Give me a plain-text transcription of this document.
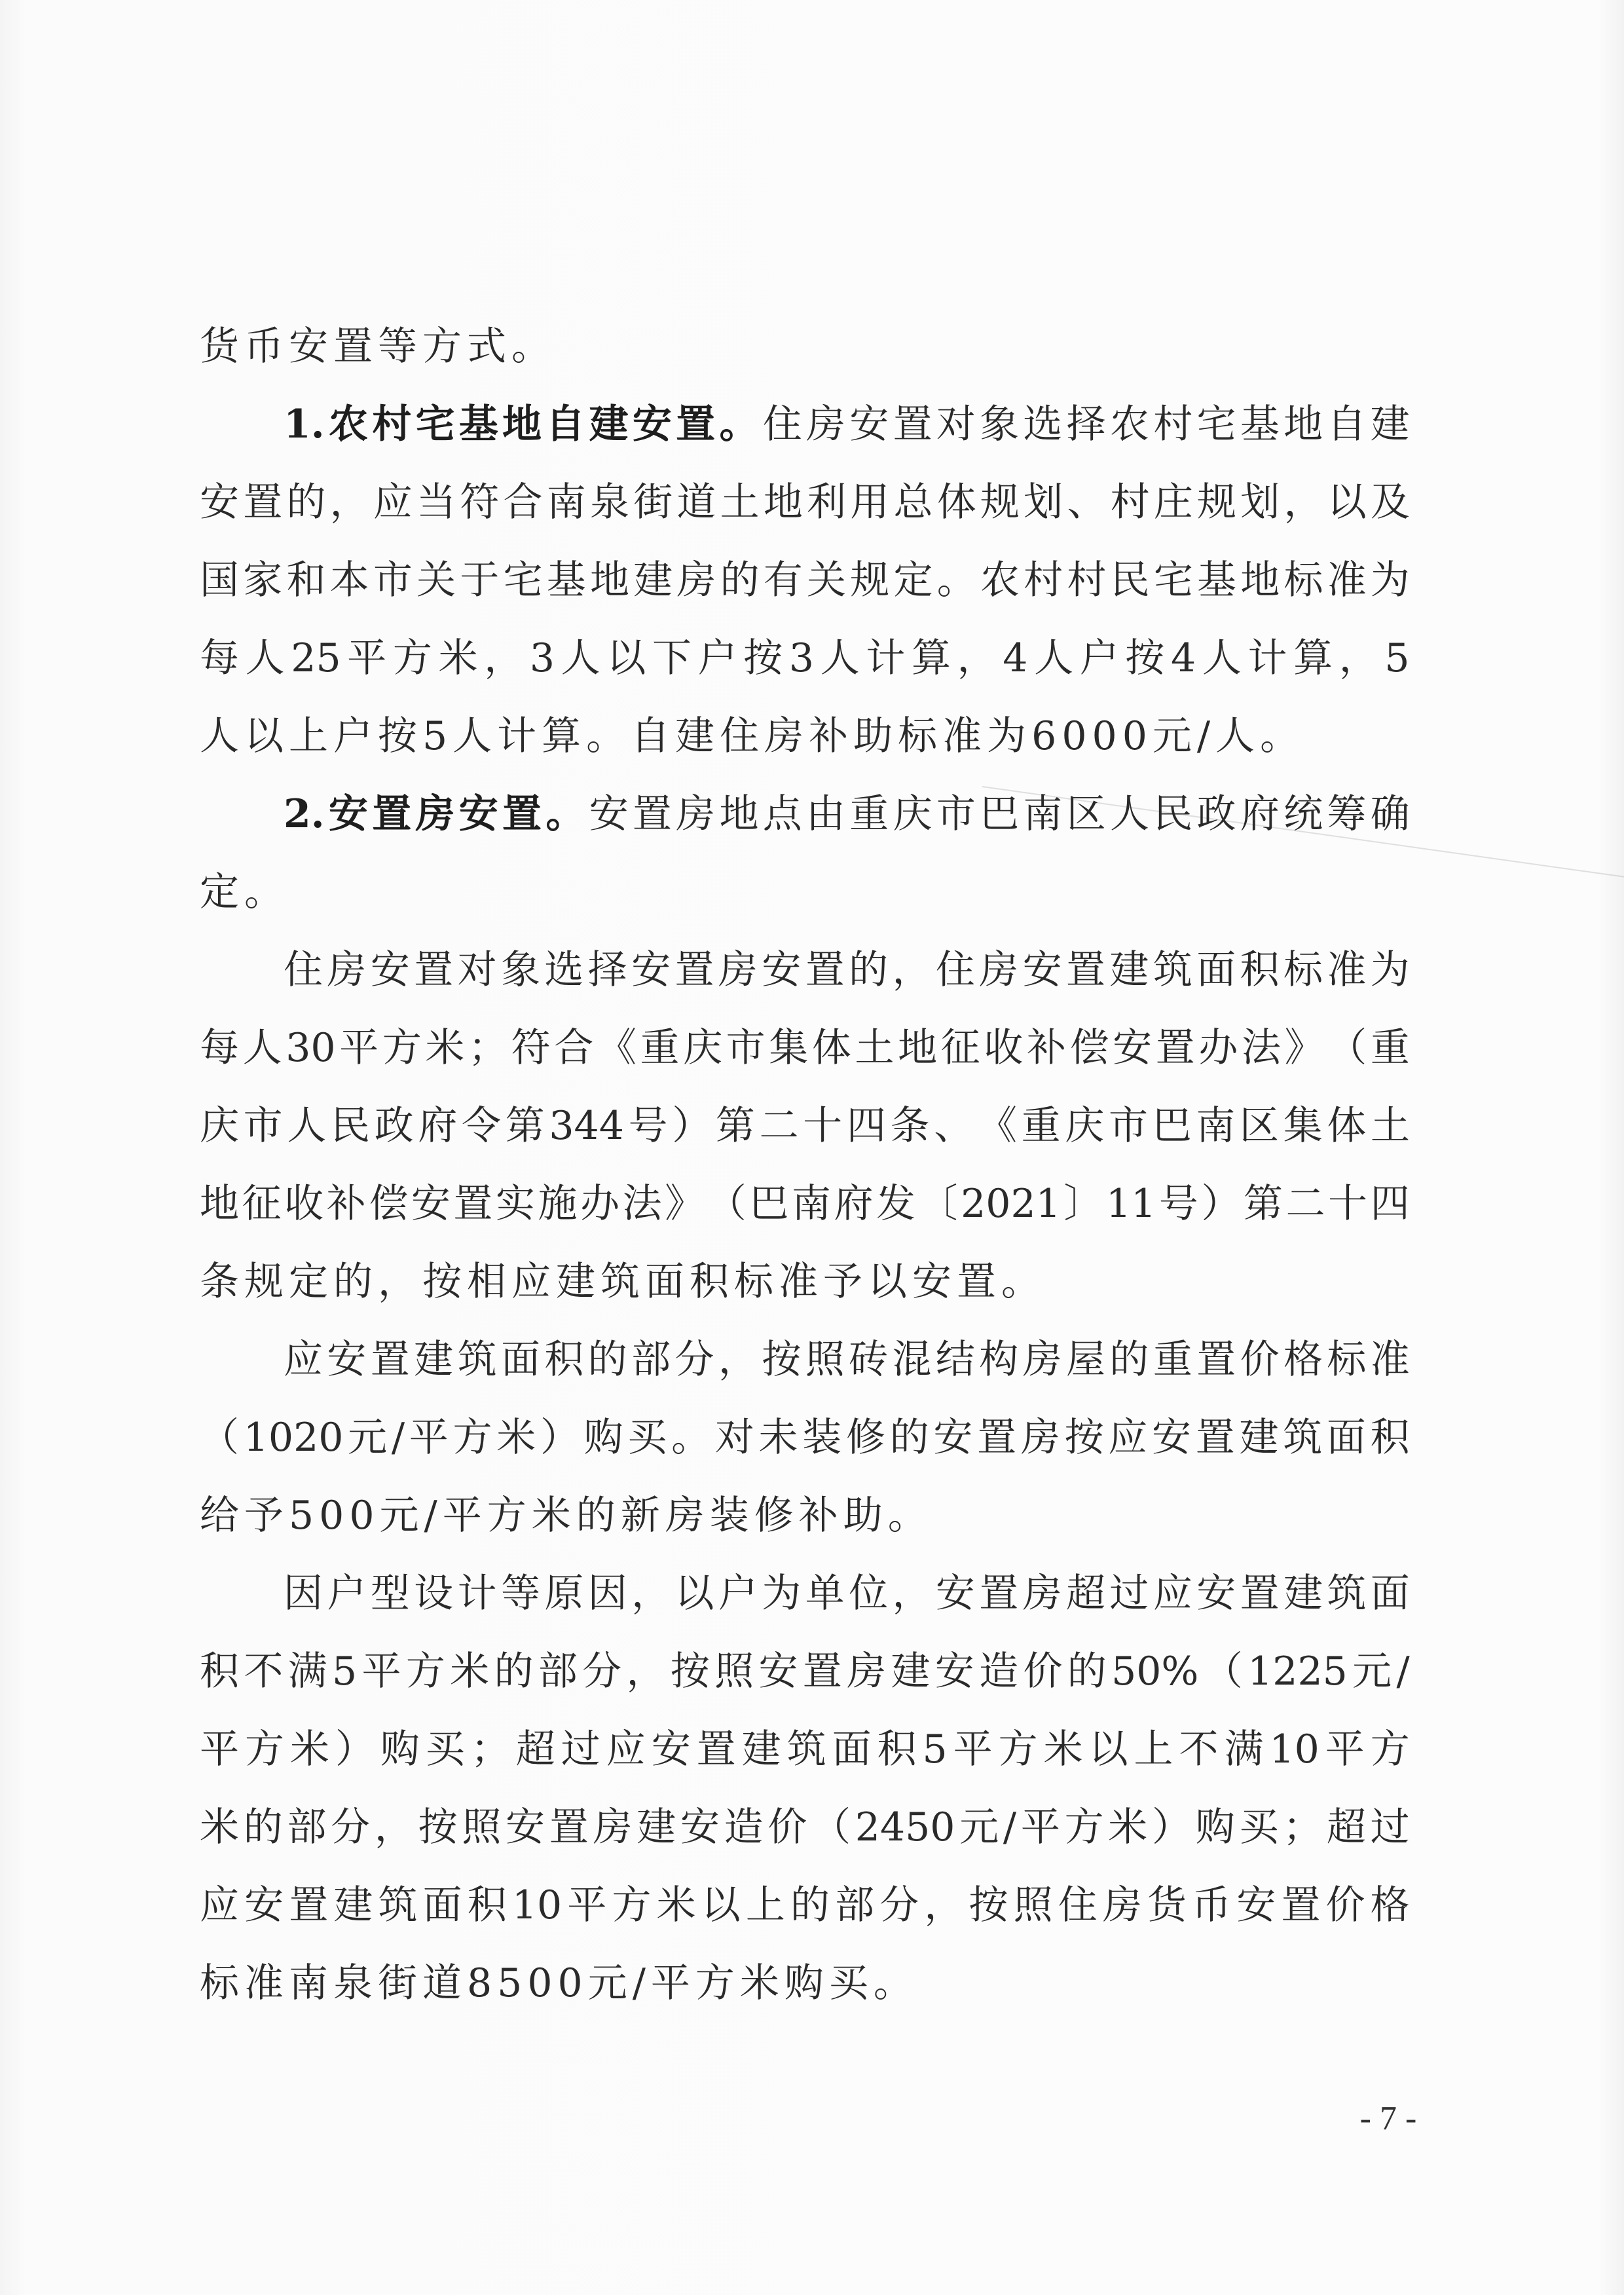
货币安置等方式。
1. 农 村 宅 基 地 自 建 安 置 。 住 房 安 置 对 象 选 择 农 村 宅 基 地 自 建
安 置 的 ， 应 当 符 合 南 泉 街 道 土 地 利 用 总 体 规 划 、 村 庄 规 划 ， 以 及
国 家 和 本 市 关 于 宅 基 地 建 房 的 有 关 规 定 。 农 村 村 民 宅 基 地 标 准 为
每 人 25 平 方 米 ， 3 人 以 下 户 按 3 人 计 算 ， 4 人 户 按 4 人 计 算 ， 5
人以上户按5人计算。自建住房补助标准为6000元/人。
2. 安 置 房 安 置 。 安 置 房 地 点 由 重 庆 市 巴 南 区 人 民 政 府 统 筹 确
定。
住 房 安 置 对 象 选 择 安 置 房 安 置 的 ， 住 房 安 置 建 筑 面 积 标 准 为
每 人 30 平 方 米 ； 符 合 《 重 庆 市 集 体 土 地 征 收 补 偿 安 置 办 法 》 （ 重
庆 市 人 民 政 府 令 第 344 号 ） 第 二 十 四 条 、 《 重 庆 市 巴 南 区 集 体 土
地 征 收 补 偿 安 置 实 施 办 法 》 （ 巴 南 府 发 〔 2021 〕 11 号 ） 第 二 十 四
条规定的，按相应建筑面积标准予以安置。
应 安 置 建 筑 面 积 的 部 分 ， 按 照 砖 混 结 构 房 屋 的 重 置 价 格 标 准
（ 1020 元 / 平 方 米 ） 购 买 。 对 未 装 修 的 安 置 房 按 应 安 置 建 筑 面 积
给予500元/平方米的新房装修补助。
因 户 型 设 计 等 原 因 ， 以 户 为 单 位 ， 安 置 房 超 过 应 安 置 建 筑 面
积 不 满 5 平 方 米 的 部 分 ， 按 照 安 置 房 建 安 造 价 的 50% （ 1225 元 /
平 方 米 ） 购 买 ； 超 过 应 安 置 建 筑 面 积 5 平 方 米 以 上 不 满 10 平 方
米 的 部 分 ， 按 照 安 置 房 建 安 造 价 （ 2450 元 / 平 方 米 ） 购 买 ； 超 过
应 安 置 建 筑 面 积 10 平 方 米 以 上 的 部 分 ， 按 照 住 房 货 币 安 置 价 格
标准南泉街道8500元/平方米购买。
- 7 -
